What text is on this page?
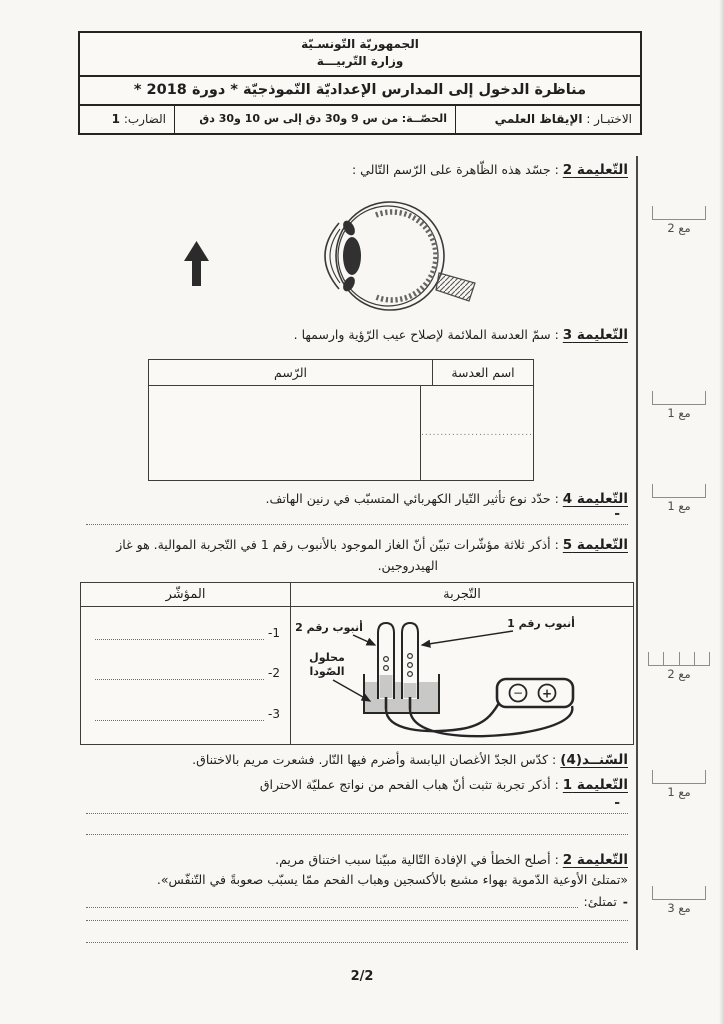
الجمهوريّة التّونسـيّة
وزارة التّربيـــة
مناظرة الدخول إلى المدارس الإعداديّة النّموذجيّة * دورة 2018 *
الاختبـار : الإيقاظ العلمي
الحصّــة: من س 9 و30 دق إلى س 10 و30 دق
الضارب: 1
مع 2
مع 1
مع 1
مع 2
مع 1
مع 3
التّعليمة 2 : جسّد هذه الظّاهرة على الرّسم التّالي :
التّعليمة 3 : سمّ العدسة الملائمة لإصلاح عيب الرّؤية وارسمها .
اسم العدسة
الرّسم
.............................
التّعليمة 4 : حدّد نوع تأثير التّيار الكهربائي المتسبّب في رنين الهاتف.
-
التّعليمة 5 : أذكر ثلاثة مؤشّرات تبيّن أنّ الغاز الموجود بالأنبوب رقم 1 في التّجربة الموالية. هو غاز
الهيدروجين.
التّجربة
المؤشّر
− +
أنبوب رقم 1
أنبوب رقم 2
محلول
الصّودا
1-
2-
3-
السّنــد(4) : كدّس الجدّ الأغصان اليابسة وأضرم فيها النّار. فشعرت مريم بالاختناق.
التّعليمة 1 : أذكر تجربة تثبت أنّ هباب الفحم من نواتج عمليّة الاحتراق
-
التّعليمة 2 : أصلح الخطأ في الإفادة التّالية مبيّنا سبب اختناق مريم.
«تمتلئ الأوعية الدّموية بهواء مشبع بالأكسجين وهباب الفحم ممّا يسبّب صعوبةً في التّنفّس».
-
تمتلئ:
2/2
